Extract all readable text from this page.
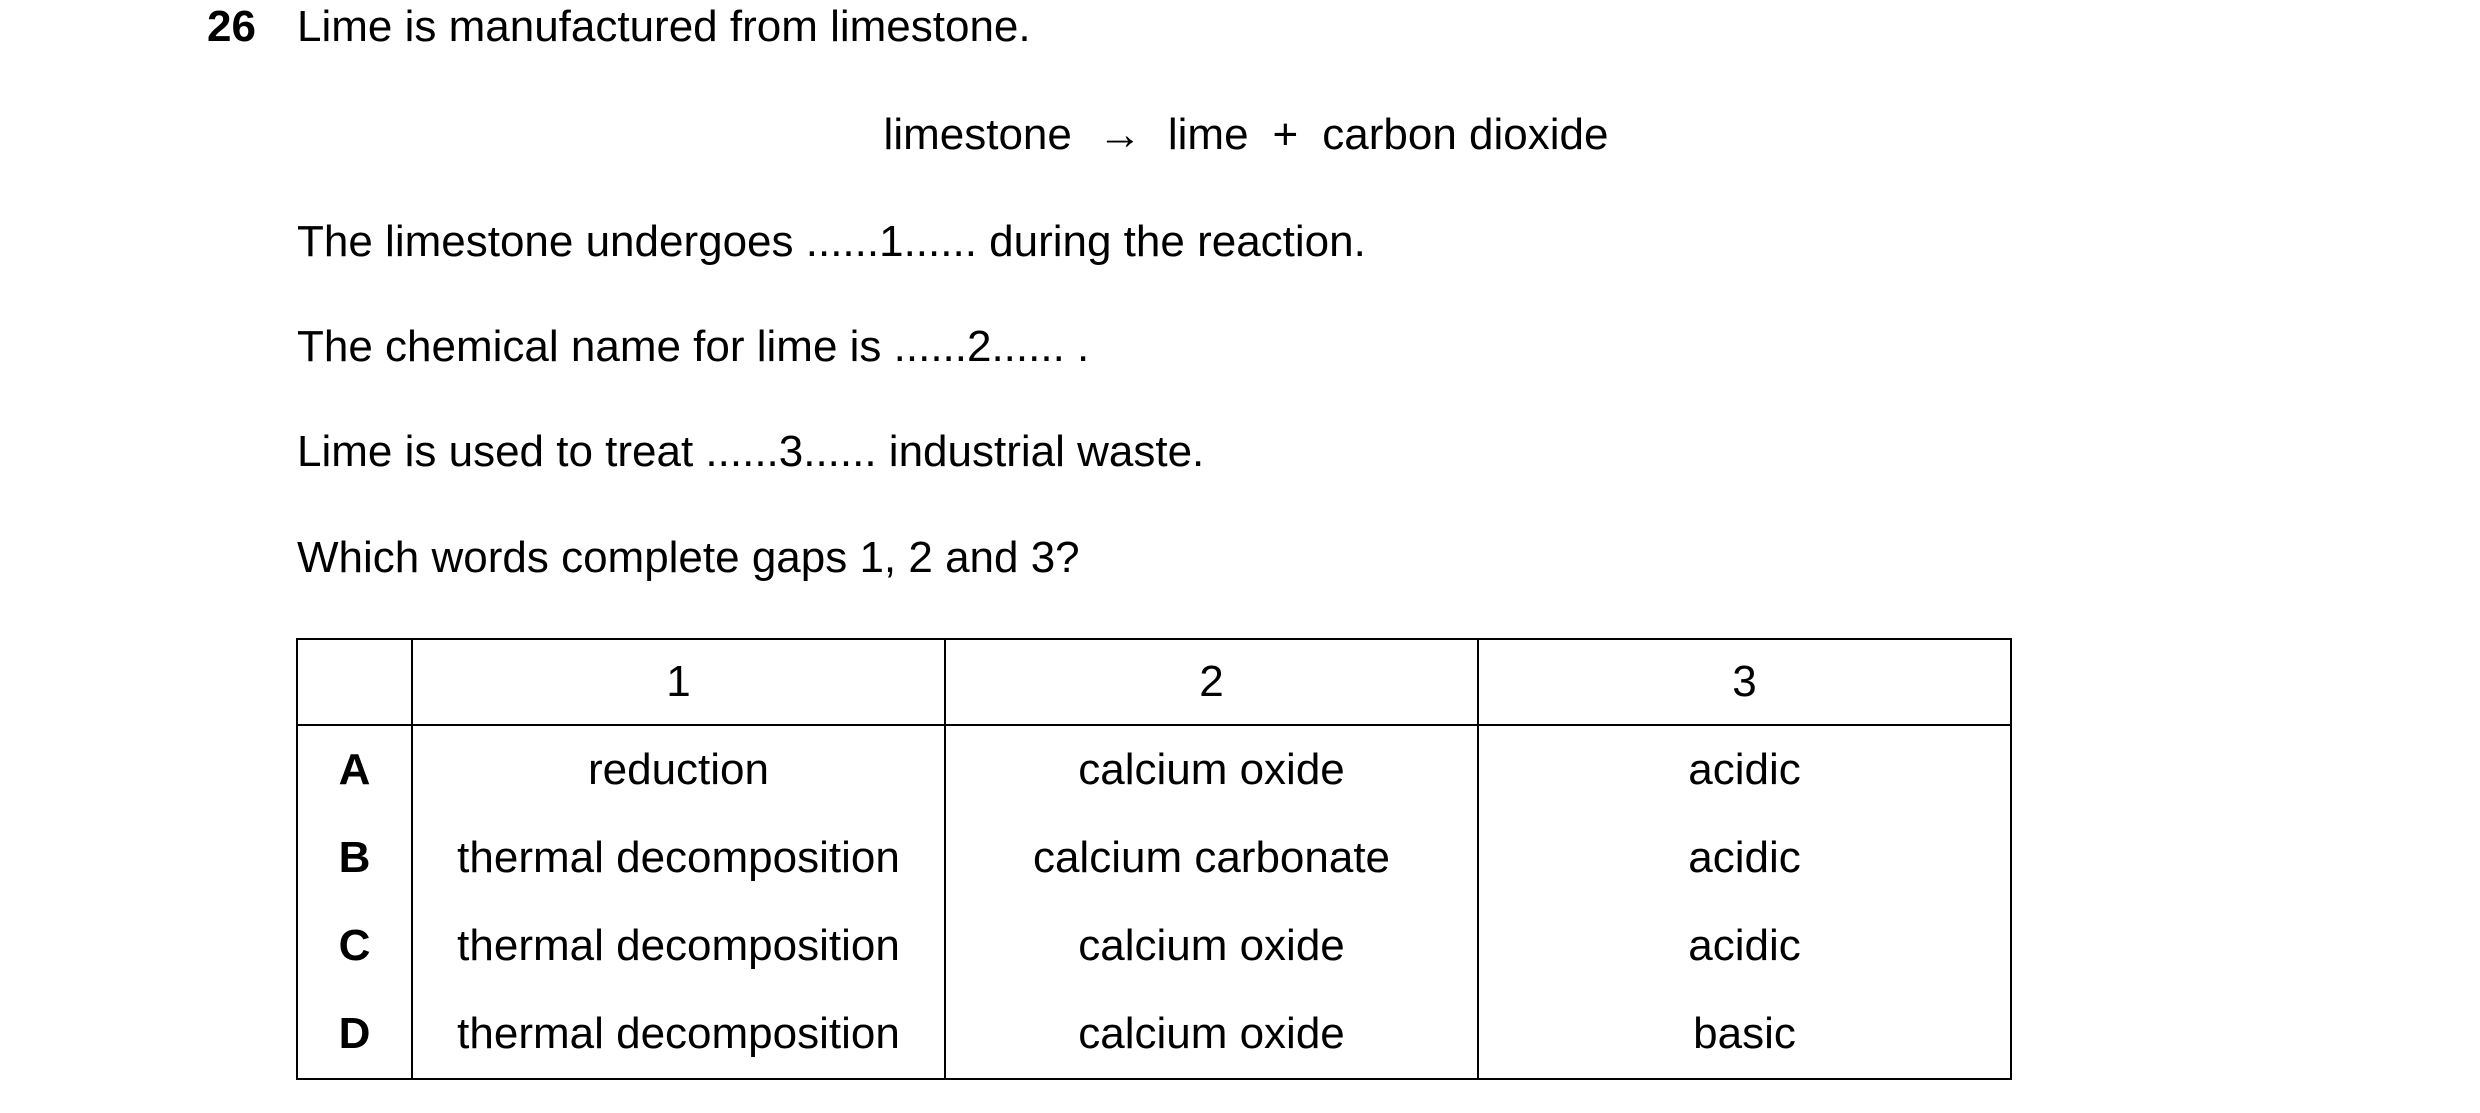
26 Lime is manufactured from limestone.
limestone → lime + carbon dioxide
The limestone undergoes ......1...... during the reaction.
The chemical name for lime is ......2...... .
Lime is used to treat ......3...... industrial waste.
Which words complete gaps 1, 2 and 3?
	1	2	3
A	reduction	calcium oxide	acidic
B	thermal decomposition	calcium carbonate	acidic
C	thermal decomposition	calcium oxide	acidic
D	thermal decomposition	calcium oxide	basic
